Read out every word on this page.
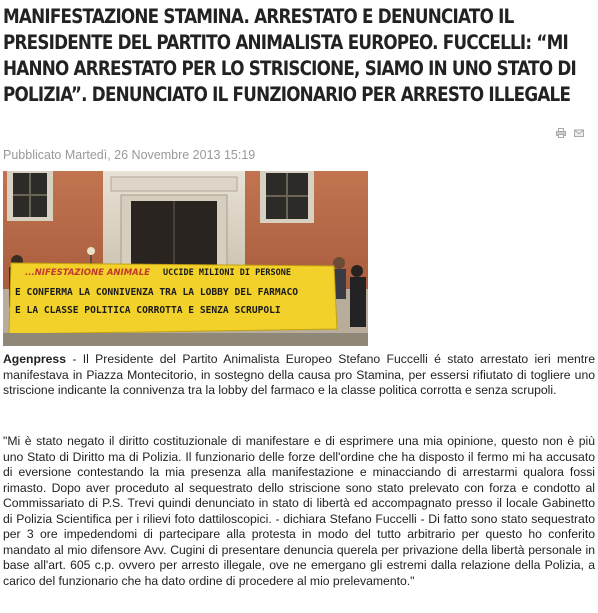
MANIFESTAZIONE STAMINA. ARRESTATO E DENUNCIATO IL PRESIDENTE DEL PARTITO ANIMALISTA EUROPEO. FUCCELLI: “MI HANNO ARRESTATO PER LO STRISCIONE, SIAMO IN UNO STATO DI POLIZIA”. DENUNCIATO IL FUNZIONARIO PER ARRESTO ILLEGALE
Pubblicato Martedì, 26 Novembre 2013 15:19
...NIFESTAZIONE ANIMALE UCCIDE MILIONI DI PERSONE
E CONFERMA LA CONNIVENZA TRA LA LOBBY DEL FARMACO
E LA CLASSE POLITICA CORROTTA E SENZA SCRUPOLI

Agenpress - Il Presidente del Partito Animalista Europeo Stefano Fuccelli é stato arrestato ieri mentre manifestava in Piazza Montecitorio, in sostegno della causa pro Stamina, per essersi rifiutato di togliere uno striscione indicante la connivenza tra la lobby del farmaco e la classe politica corrotta e senza scrupoli.

"Mi è stato negato il diritto costituzionale di manifestare e di esprimere una mia opinione, questo non è più uno Stato di Diritto ma di Polizia. Il funzionario delle forze dell'ordine che ha disposto il fermo mi ha accusato di eversione contestando la mia presenza alla manifestazione e minacciando di arrestarmi qualora fossi rimasto. Dopo aver proceduto al sequestrato dello striscione sono stato prelevato con forza e condotto al Commissariato di P.S. Trevi quindi denunciato in stato di libertà ed accompagnato presso il locale Gabinetto di Polizia Scientifica per i rilievi foto dattiloscopici. - dichiara Stefano Fuccelli - Di fatto sono stato sequestrato per 3 ore impedendomi di partecipare alla protesta in modo del tutto arbitrario per questo ho conferito mandato al mio difensore Avv. Cugini di presentare denuncia querela per privazione della libertà personale in base all'art. 605 c.p. ovvero per arresto illegale, ove ne emergano gli estremi dalla relazione della Polizia, a carico del funzionario che ha dato ordine di procedere al mio prelevamento."
